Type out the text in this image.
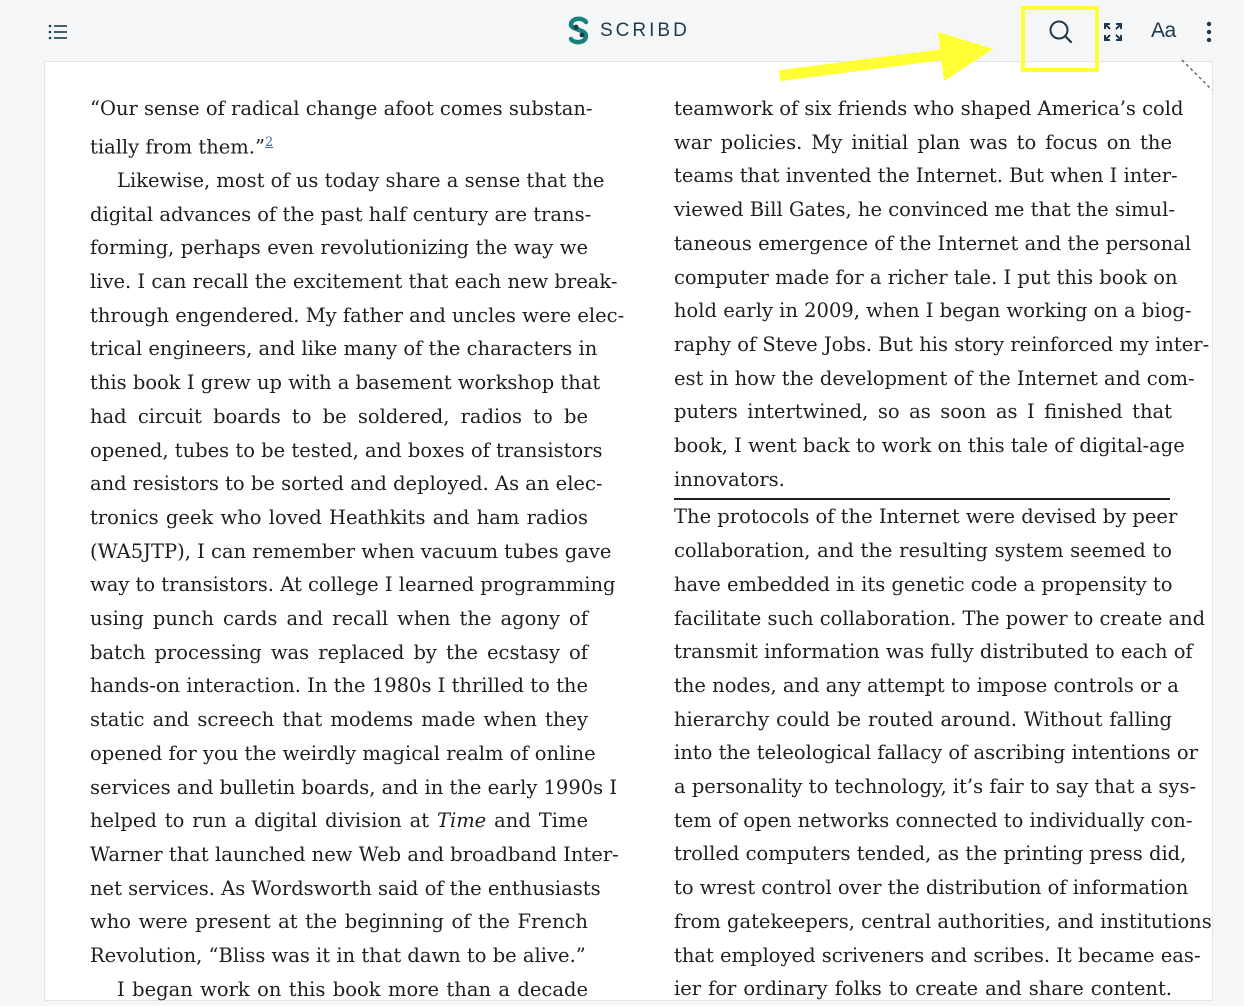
SCRIBD	Aa
“Our sense of radical change afoot comes substan-
tially from them.”$^2$
Likewise, most of us today share a sense that the
digital advances of the past half century are trans-
forming, perhaps even revolutionizing the way we
live. I can recall the excitement that each new break-
through engendered. My father and uncles were elec-
trical engineers, and like many of the characters in
this book I grew up with a basement workshop that
had circuit boards to be soldered, radios to be
opened, tubes to be tested, and boxes of transistors
and resistors to be sorted and deployed. As an elec-
tronics geek who loved Heathkits and ham radios
(WA5JTP), I can remember when vacuum tubes gave
way to transistors. At college I learned programming
using punch cards and recall when the agony of
batch processing was replaced by the ecstasy of
hands-on interaction. In the 1980s I thrilled to the
static and screech that modems made when they
opened for you the weirdly magical realm of online
services and bulletin boards, and in the early 1990s I
helped to run a digital division at Time and Time
Warner that launched new Web and broadband Inter-
net services. As Wordsworth said of the enthusiasts
who were present at the beginning of the French
Revolution, “Bliss was it in that dawn to be alive.”
I began work on this book more than a decade
teamwork of six friends who shaped America’s cold
war policies. My initial plan was to focus on the
teams that invented the Internet. But when I inter-
viewed Bill Gates, he convinced me that the simul-
taneous emergence of the Internet and the personal
computer made for a richer tale. I put this book on
hold early in 2009, when I began working on a biog-
raphy of Steve Jobs. But his story reinforced my inter-
est in how the development of the Internet and com-
puters intertwined, so as soon as I finished that
book, I went back to work on this tale of digital-age
innovators.
The protocols of the Internet were devised by peer
collaboration, and the resulting system seemed to
have embedded in its genetic code a propensity to
facilitate such collaboration. The power to create and
transmit information was fully distributed to each of
the nodes, and any attempt to impose controls or a
hierarchy could be routed around. Without falling
into the teleological fallacy of ascribing intentions or
a personality to technology, it’s fair to say that a sys-
tem of open networks connected to individually con-
trolled computers tended, as the printing press did,
to wrest control over the distribution of information
from gatekeepers, central authorities, and institutions
that employed scriveners and scribes. It became eas-
ier for ordinary folks to create and share content.
